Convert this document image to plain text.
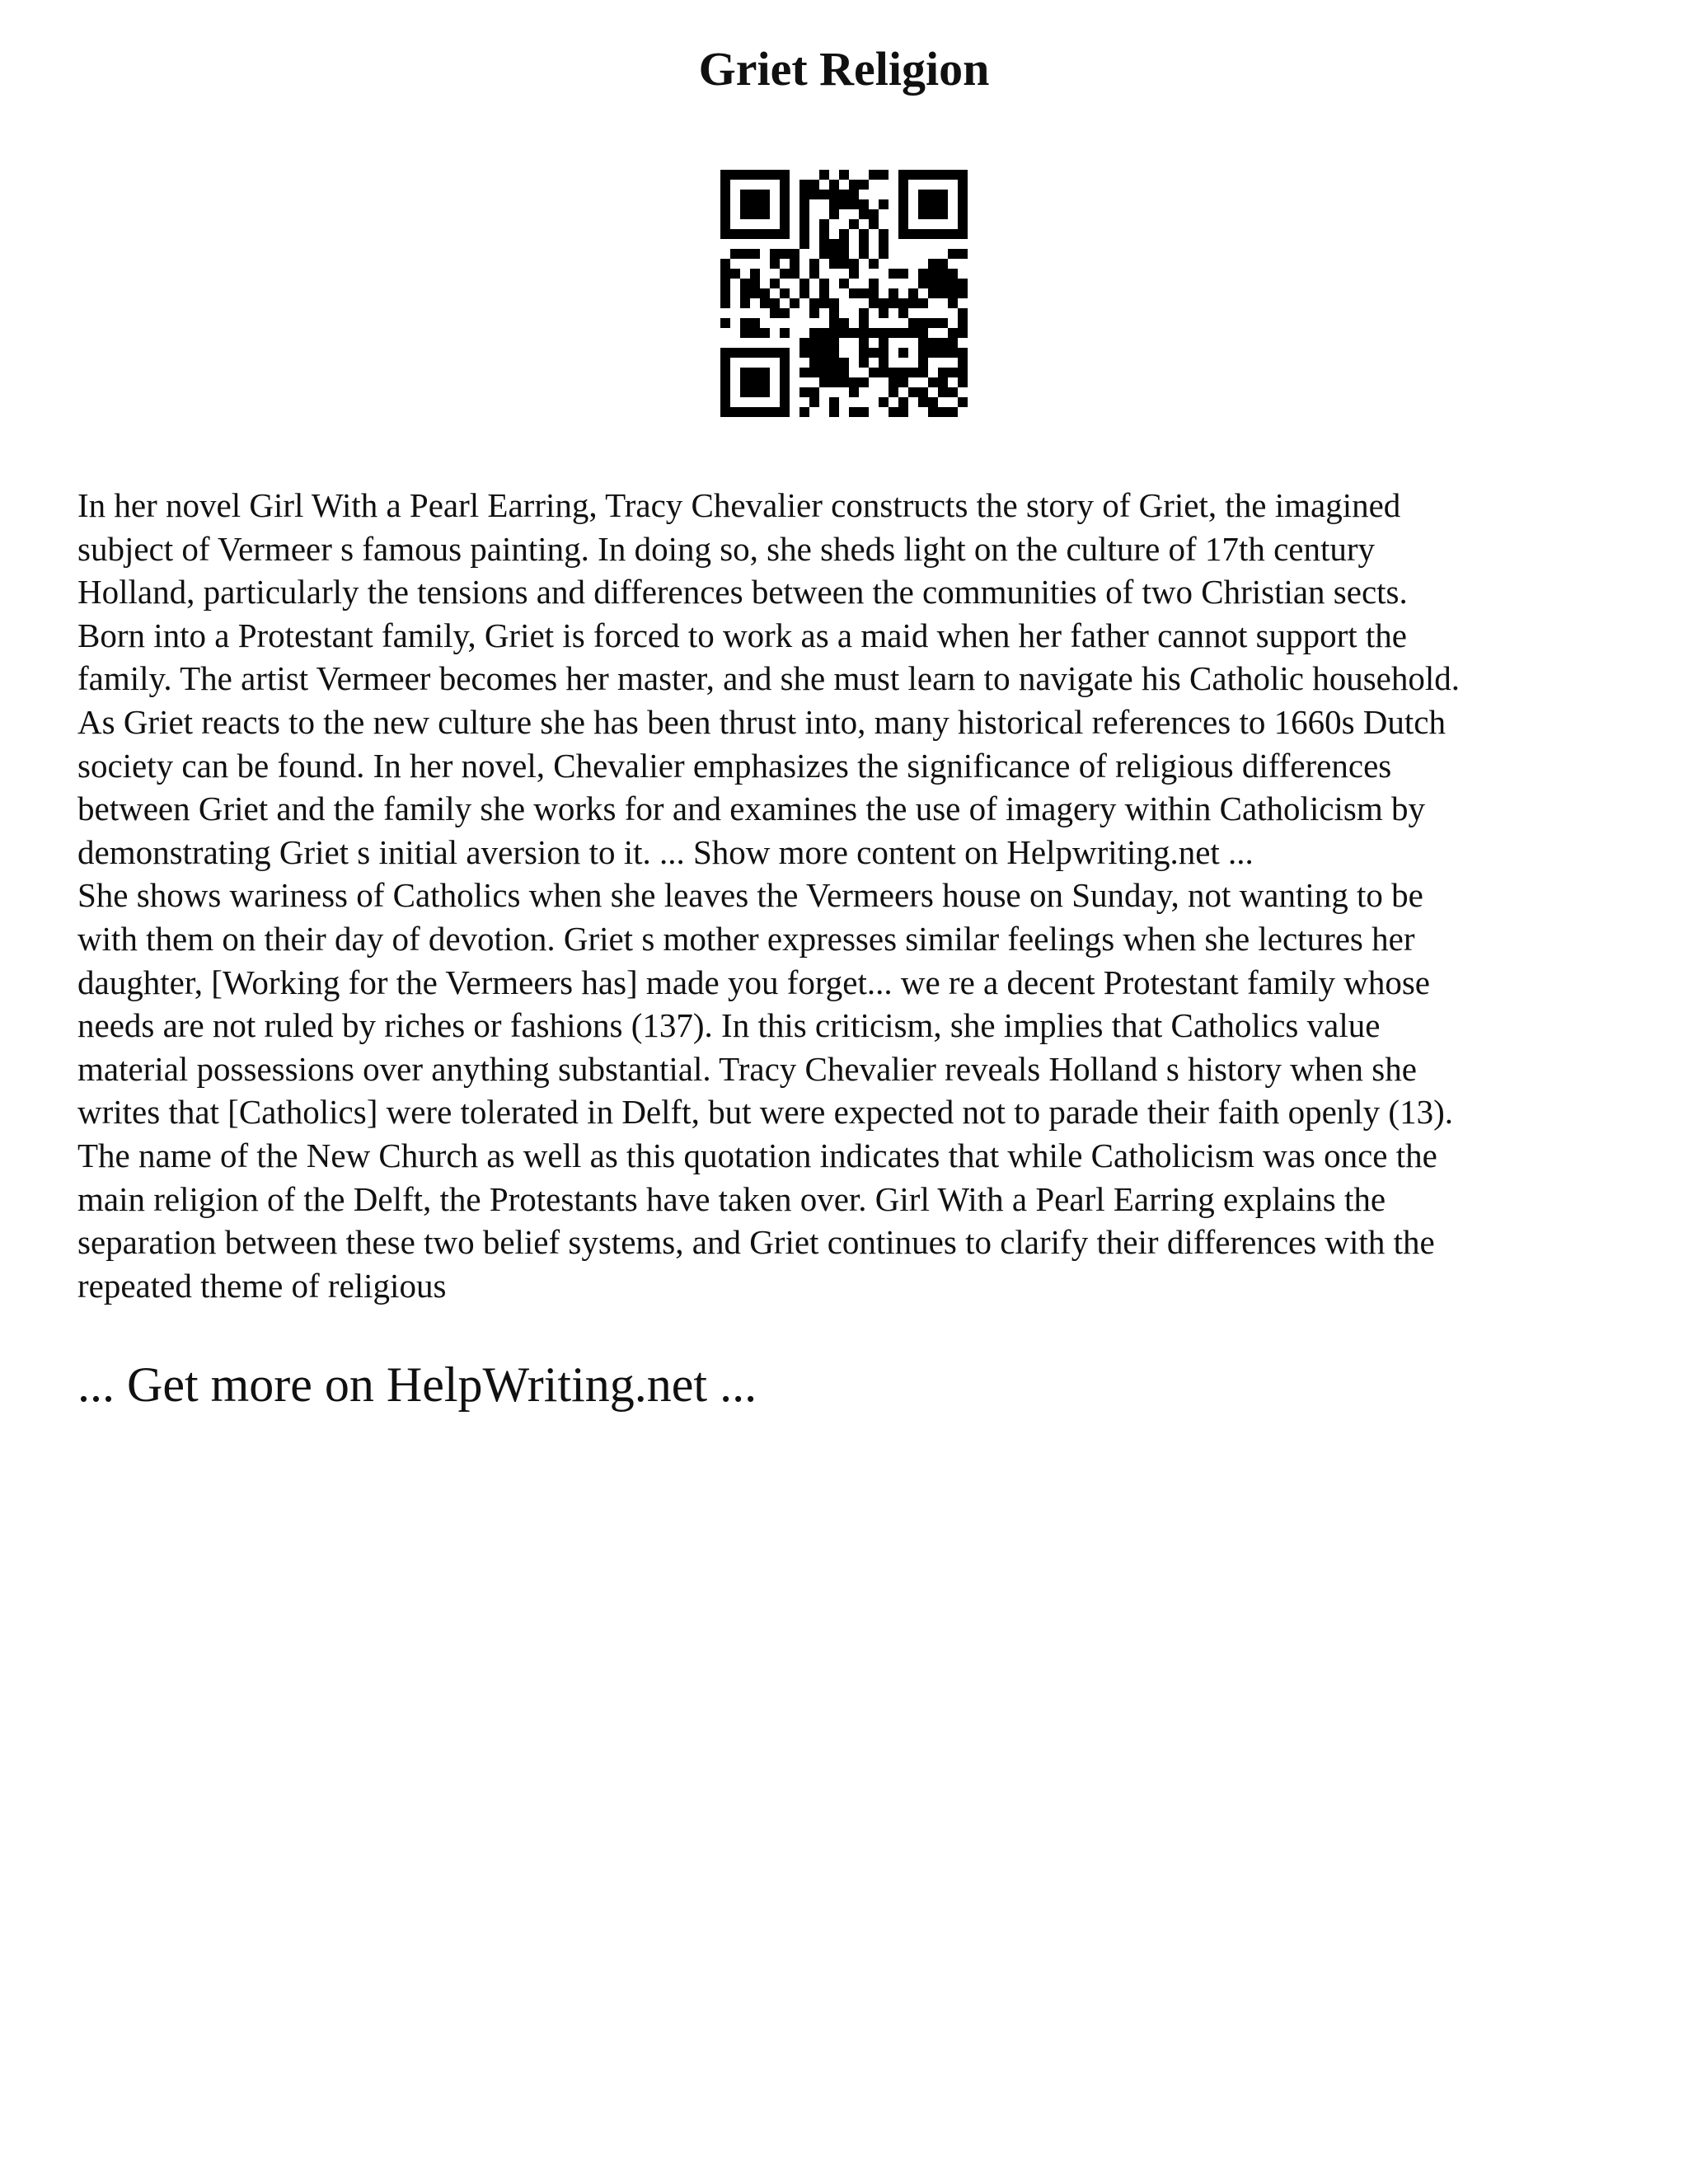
Griet Religion

In her novel Girl With a Pearl Earring, Tracy Chevalier constructs the story of Griet, the imagined
subject of Vermeer s famous painting. In doing so, she sheds light on the culture of 17th century
Holland, particularly the tensions and differences between the communities of two Christian sects.
Born into a Protestant family, Griet is forced to work as a maid when her father cannot support the
family. The artist Vermeer becomes her master, and she must learn to navigate his Catholic household.
As Griet reacts to the new culture she has been thrust into, many historical references to 1660s Dutch
society can be found. In her novel, Chevalier emphasizes the significance of religious differences
between Griet and the family she works for and examines the use of imagery within Catholicism by
demonstrating Griet s initial aversion to it. ... Show more content on Helpwriting.net ...
She shows wariness of Catholics when she leaves the Vermeers house on Sunday, not wanting to be
with them on their day of devotion. Griet s mother expresses similar feelings when she lectures her
daughter, [Working for the Vermeers has] made you forget... we re a decent Protestant family whose
needs are not ruled by riches or fashions (137). In this criticism, she implies that Catholics value
material possessions over anything substantial. Tracy Chevalier reveals Holland s history when she
writes that [Catholics] were tolerated in Delft, but were expected not to parade their faith openly (13).
The name of the New Church as well as this quotation indicates that while Catholicism was once the
main religion of the Delft, the Protestants have taken over. Girl With a Pearl Earring explains the
separation between these two belief systems, and Griet continues to clarify their differences with the
repeated theme of religious

... Get more on HelpWriting.net ...
